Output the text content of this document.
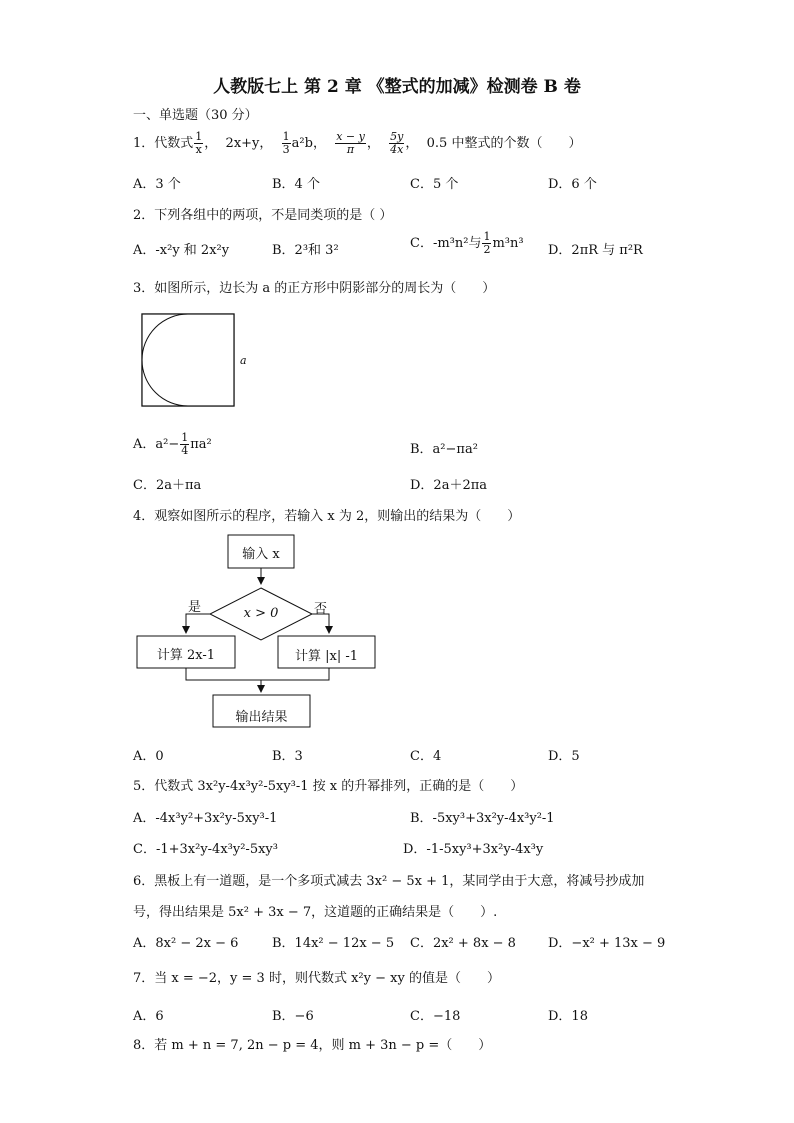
人教版七上 第 2 章 《整式的加减》检测卷 B 卷
一、单选题（30 分）
1．代数式 $\frac{1}{x}$ ，  2x+y， $\frac{1}{3} a^2b$， $\frac{x - y}{\pi}$ ， $\frac{5y}{4x}$ ， 0.5 中整式的个数（　　）
A．3 个	B．4 个	C．5 个	D．6 个
2．下列各组中的两项，不是同类项的是（ ）
A．-x²y 和 2x²y	B．2³和 3²	C．-m³n²与 $\frac{1}{2} m^3n^3$ D．2πR 与 π²R
3．如图所示，边长为 a 的正方形中阴影部分的周长为（　　）
a
A．$a^2- \frac{1}{4} \pi a^2$	B．a²−πa²
C．2a＋πa	D．2a＋2πa
4．观察如图所示的程序，若输入 x 为 2，则输出的结果为（　　）
输入 x
x > 0
是	否
计算 2x-1	计算 |x| -1
输出结果
A．0	B．3	C．4	D．5
5．代数式 3x²y-4x³y²-5xy³-1 按 x 的升幂排列，正确的是（　　）
A．-4x³y²+3x²y-5xy³-1	B．-5xy³+3x²y-4x³y²-1
C．-1+3x²y-4x³y²-5xy³	D．-1-5xy³+3x²y-4x³y
6．黑板上有一道题，是一个多项式减去 3x² − 5x + 1，某同学由于大意，将减号抄成加
号，得出结果是 5x² + 3x − 7，这道题的正确结果是（　　）.
A．8x² − 2x − 6	B．14x² − 12x − 5 C．2x² + 8x − 8 D．−x² + 13x − 9
7．当 x = −2，y = 3 时，则代数式 x²y − xy 的值是（　　）
A．6	B．−6	C．−18	D．18
8．若 m + n = 7, 2n − p = 4，则 m + 3n − p =（　　）
